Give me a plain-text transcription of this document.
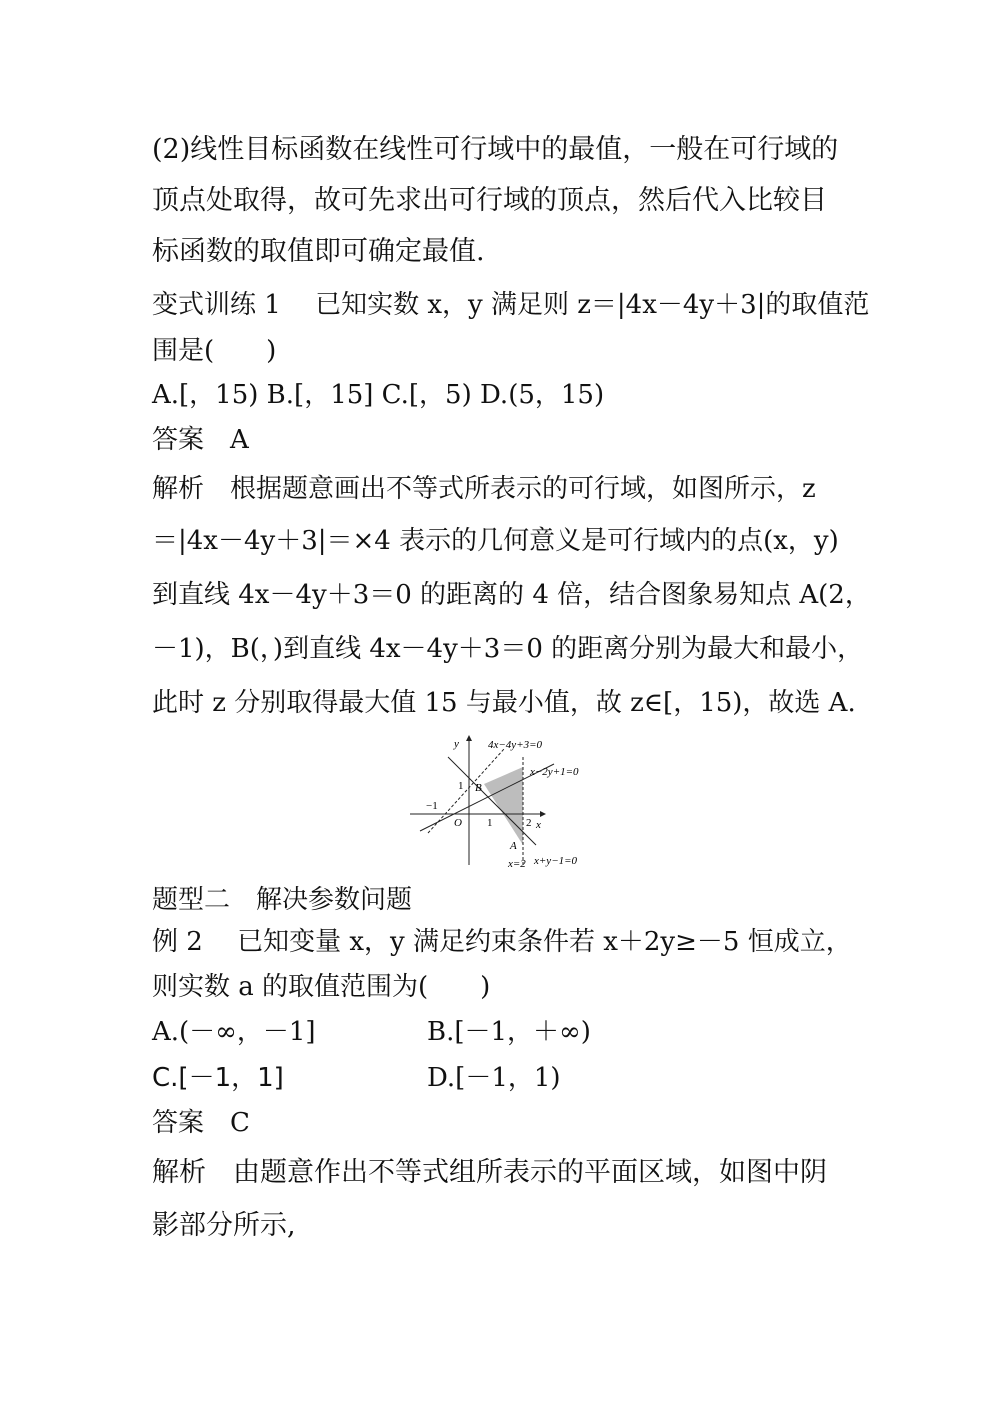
(2)线性目标函数在线性可行域中的最值，一般在可行域的
顶点处取得，故可先求出可行域的顶点，然后代入比较目
标函数的取值即可确定最值.
变式训练 1　 已知实数 x，y 满足则 z＝|4x－4y＋3|的取值范
围是(　　)
A.[，15) B.[，15] C.[，5) D.(5，15)
答案　A
解析　根据题意画出不等式所表示的可行域，如图所示，z
＝|4x－4y＋3|＝×4 表示的几何意义是可行域内的点(x，y)
到直线 4x－4y＋3＝0 的距离的 4 倍，结合图象易知点 A(2，
－1)，B(，)到直线 4x－4y＋3＝0 的距离分别为最大和最小，
此时 z 分别取得最大值 15 与最小值，故 z∈[，15)，故选 A.
y
x
O
1
1	2
−1
A
B
4x−4y+3=0
x−2y+1=0
x+y−1=0
x=2
题型二　解决参数问题
例 2　 已知变量 x，y 满足约束条件若 x＋2y≥－5 恒成立，
则实数 a 的取值范围为(　　)
A.(－∞，－1]	B.[－1，＋∞)
C.[－1，1]	D.[－1，1)
答案　C
解析　由题意作出不等式组所表示的平面区域，如图中阴
影部分所示,
